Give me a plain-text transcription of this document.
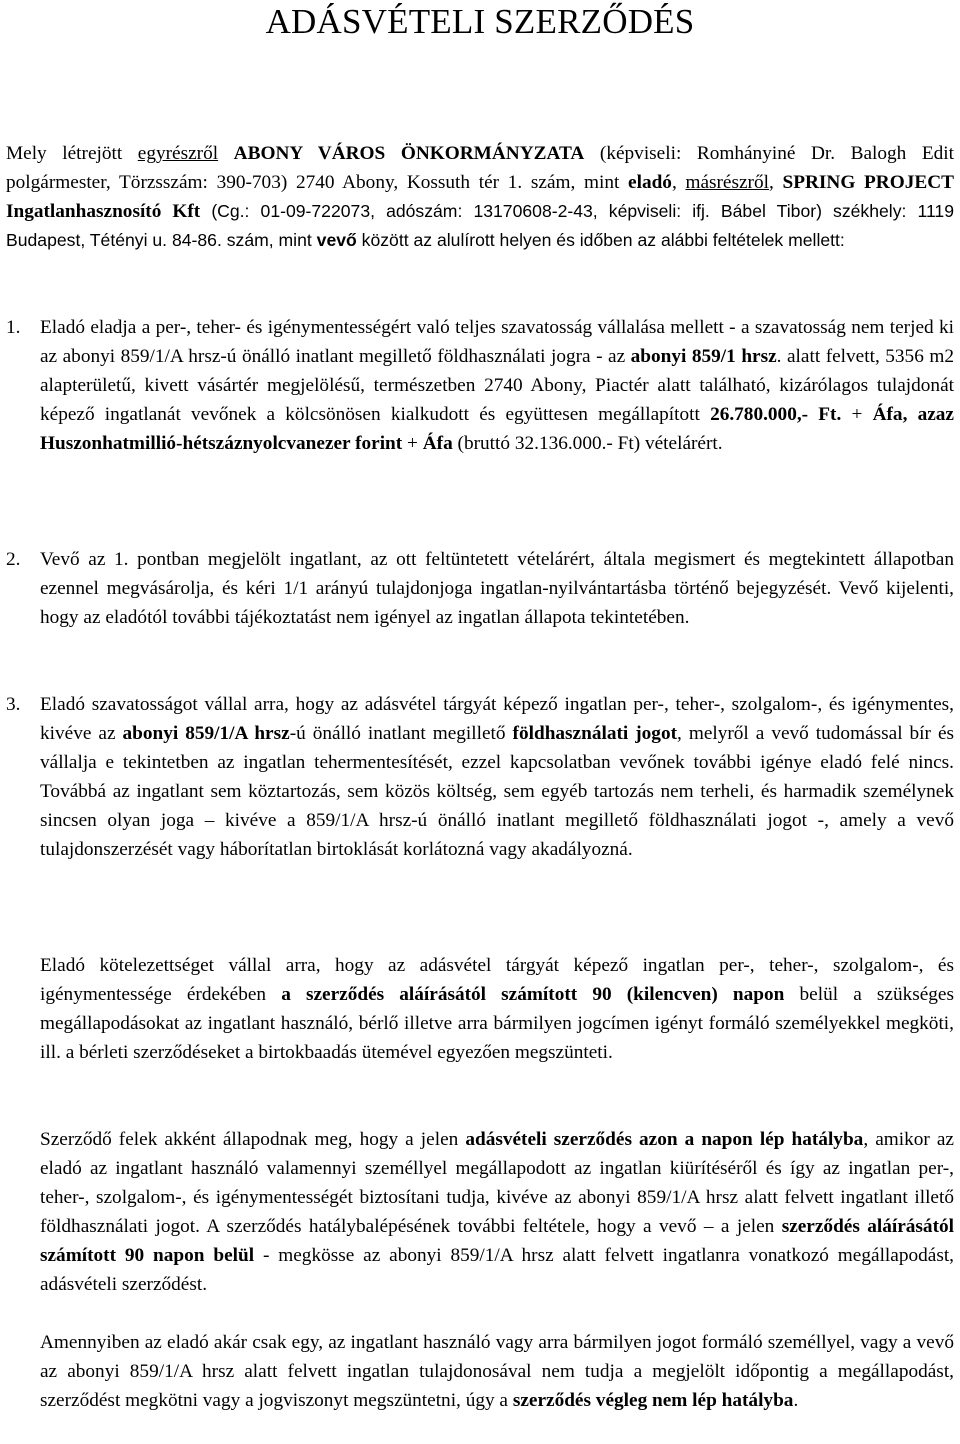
ADÁSVÉTELI SZERZŐDÉS

Mely létrejött egyrészről ABONY VÁROS ÖNKORMÁNYZATA (képviseli: Romhányiné Dr. Balogh Edit polgármester, Törzsszám: 390-703) 2740 Abony, Kossuth tér 1. szám, mint eladó, másrészről, SPRING PROJECT Ingatlanhasznosító Kft (Cg.: 01-09-722073, adószám: 13170608-2-43, képviseli: ifj. Bábel Tibor) székhely: 1119 Budapest, Tétényi u. 84-86. szám, mint vevő között az alulírott helyen és időben az alábbi feltételek mellett:

1. Eladó eladja a per-, teher- és igénymentességért való teljes szavatosság vállalása mellett - a szavatosság nem terjed ki az abonyi 859/1/A hrsz-ú önálló inatlant megillető földhasználati jogra - az abonyi 859/1 hrsz. alatt felvett, 5356 m2 alapterületű, kivett vásártér megjelölésű, természetben 2740 Abony, Piactér alatt található, kizárólagos tulajdonát képező ingatlanát vevőnek a kölcsönösen kialkudott és együttesen megállapított 26.780.000,- Ft. + Áfa, azaz Huszonhatmillió-hétszáznyolcvanezer forint + Áfa (bruttó 32.136.000.- Ft) vételárért.

2. Vevő az 1. pontban megjelölt ingatlant, az ott feltüntetett vételárért, általa megismert és megtekintett állapotban ezennel megvásárolja, és kéri 1/1 arányú tulajdonjoga ingatlan-nyilvántartásba történő bejegyzését. Vevő kijelenti, hogy az eladótól további tájékoztatást nem igényel az ingatlan állapota tekintetében.

3. Eladó szavatosságot vállal arra, hogy az adásvétel tárgyát képező ingatlan per-, teher-, szolgalom-, és igénymentes, kivéve az abonyi 859/1/A hrsz-ú önálló inatlant megillető földhasználati jogot, melyről a vevő tudomással bír és vállalja e tekintetben az ingatlan tehermentesítését, ezzel kapcsolatban vevőnek további igénye eladó felé nincs. Továbbá az ingatlant sem köztartozás, sem közös költség, sem egyéb tartozás nem terheli, és harmadik személynek sincsen olyan joga – kivéve a 859/1/A hrsz-ú önálló inatlant megillető földhasználati jogot -, amely a vevő tulajdonszerzését vagy háborítatlan birtoklását korlátozná vagy akadályozná.

Eladó kötelezettséget vállal arra, hogy az adásvétel tárgyát képező ingatlan per-, teher-, szolgalom-, és igénymentessége érdekében a szerződés aláírásától számított 90 (kilencven) napon belül a szükséges megállapodásokat az ingatlant használó, bérlő illetve arra bármilyen jogcímen igényt formáló személyekkel megköti, ill. a bérleti szerződéseket a birtokbaadás ütemével egyezően megszünteti.

Szerződő felek akként állapodnak meg, hogy a jelen adásvételi szerződés azon a napon lép hatályba, amikor az eladó az ingatlant használó valamennyi személlyel megállapodott az ingatlan kiürítéséről és így az ingatlan per-, teher-, szolgalom-, és igénymentességét biztosítani tudja, kivéve az abonyi 859/1/A hrsz alatt felvett ingatlant illető földhasználati jogot. A szerződés hatálybalépésének további feltétele, hogy a vevő – a jelen szerződés aláírásától számított 90 napon belül - megkösse az abonyi 859/1/A hrsz alatt felvett ingatlanra vonatkozó megállapodást, adásvételi szerződést.

Amennyiben az eladó akár csak egy, az ingatlant használó vagy arra bármilyen jogot formáló személlyel, vagy a vevő az abonyi 859/1/A hrsz alatt felvett ingatlan tulajdonosával nem tudja a megjelölt időpontig a megállapodást, szerződést megkötni vagy a jogviszonyt megszüntetni, úgy a szerződés végleg nem lép hatályba.
